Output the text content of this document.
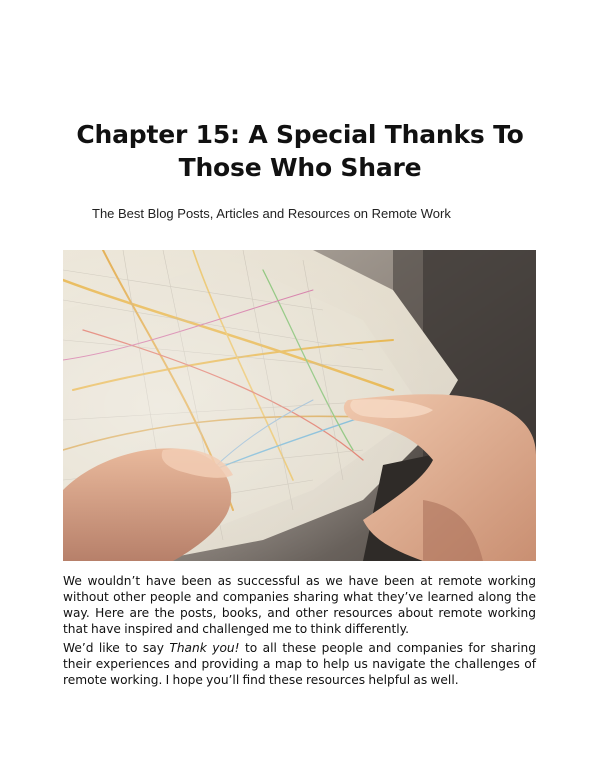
Chapter 15: A Special Thanks To Those Who Share

The Best Blog Posts, Articles and Resources on Remote Work

We wouldn’t have been as successful as we have been at remote working without other people and companies sharing what they’ve learned along the way. Here are the posts, books, and other resources about remote working that have inspired and challenged me to think differently.

We’d like to say Thank you! to all these people and companies for sharing their experiences and providing a map to help us navigate the challenges of remote working. I hope you’ll find these resources helpful as well.
